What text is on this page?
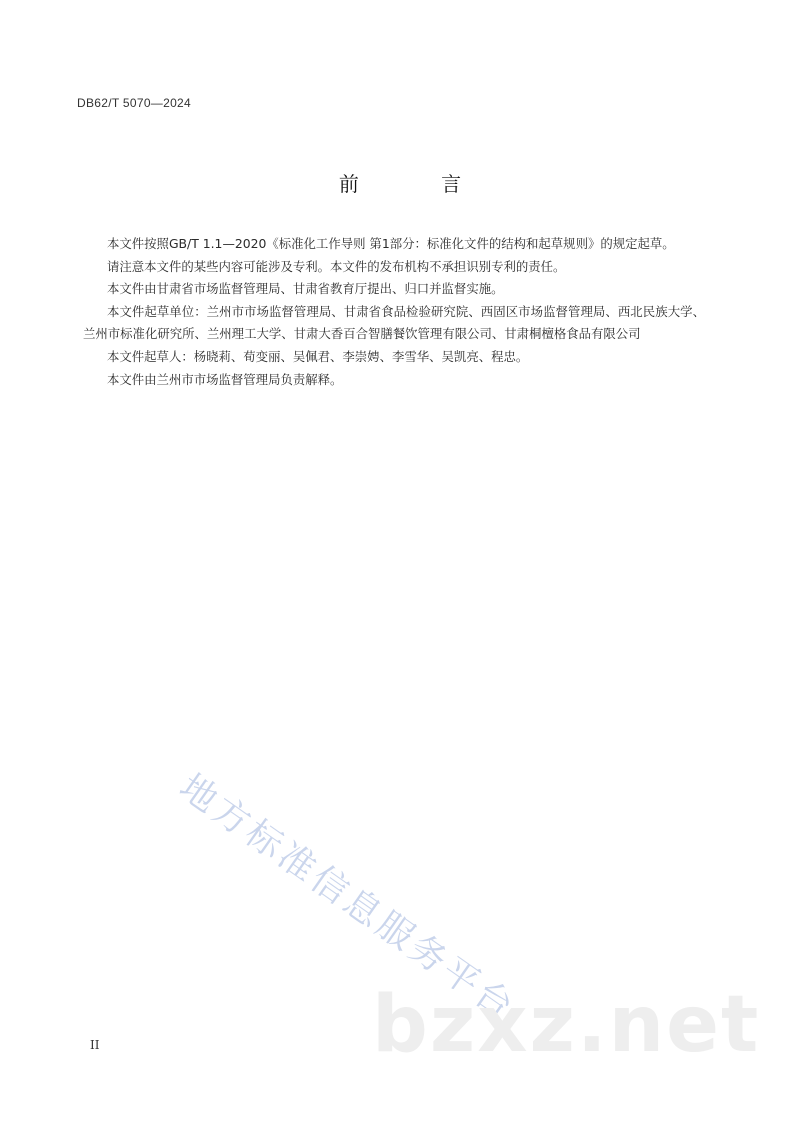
DB62/T 5070—2024
前 言

本文件按照GB/T 1.1—2020《标准化工作导则 第1部分：标准化文件的结构和起草规则》的规定起草。

请注意本文件的某些内容可能涉及专利。本文件的发布机构不承担识别专利的责任。

本文件由甘肃省市场监督管理局、甘肃省教育厅提出、归口并监督实施。

本文件起草单位：兰州市市场监督管理局、甘肃省食品检验研究院、西固区市场监督管理局、西北民族大学、兰州市标准化研究所、兰州理工大学、甘肃大香百合智膳餐饮管理有限公司、甘肃桐檀格食品有限公司

本文件起草人：杨晓莉、荀变丽、吴佩君、李崇娉、李雪华、吴凯亮、程忠。

本文件由兰州市市场监督管理局负责解释。

地方标准信息服务平台
bzxz.net
II
